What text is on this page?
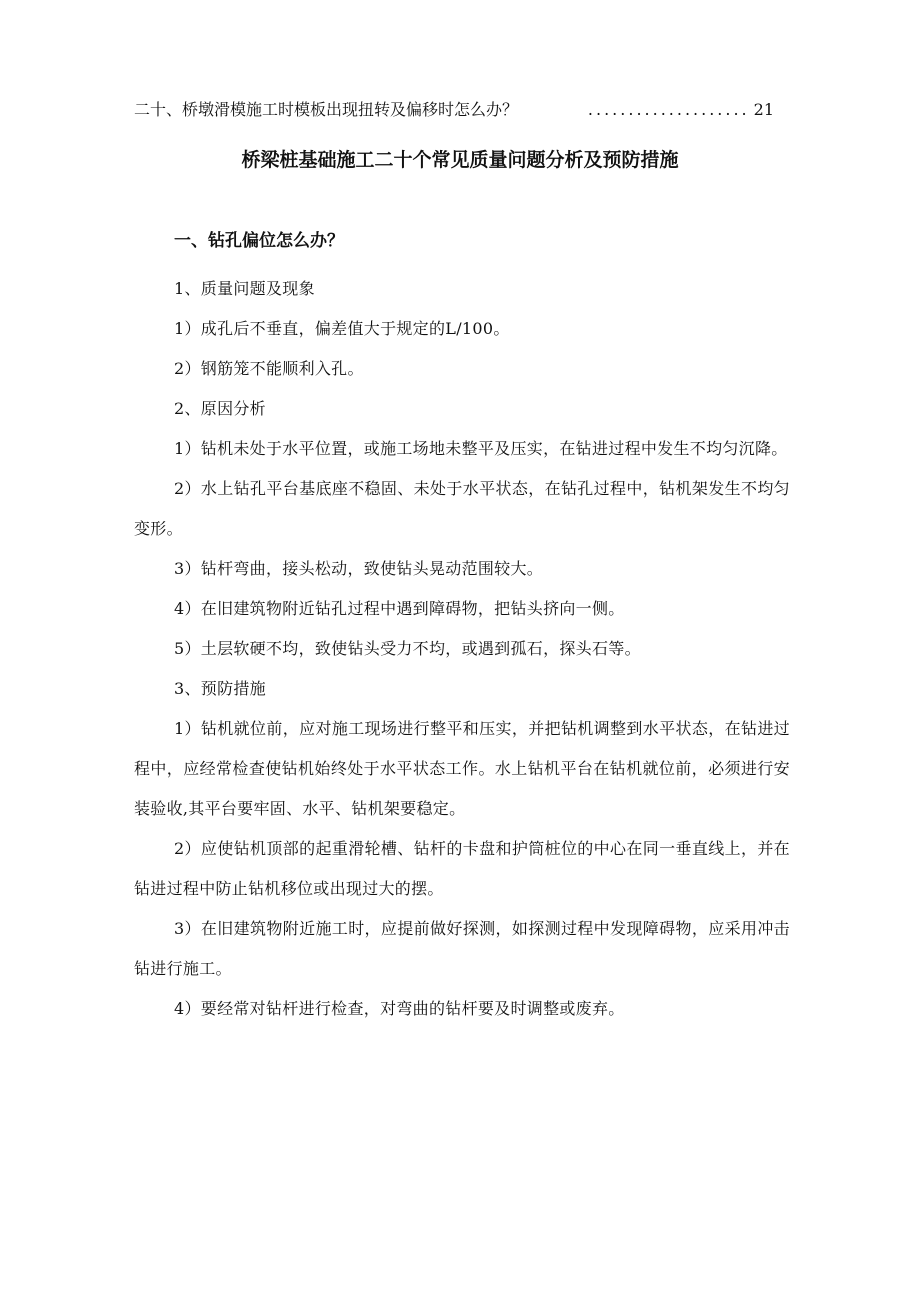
二十、桥墩滑模施工时模板出现扭转及偏移时怎么办？	.................... 21
桥梁桩基础施工二十个常见质量问题分析及预防措施
一、钻孔偏位怎么办？

1、质量问题及现象

1）成孔后不垂直，偏差值大于规定的L/100。

2）钢筋笼不能顺利入孔。

2、原因分析

1）钻机未处于水平位置，或施工场地未整平及压实，在钻进过程中发生不均匀沉降。

2）水上钻孔平台基底座不稳固、未处于水平状态，在钻孔过程中，钻机架发生不均匀变形。

3）钻杆弯曲，接头松动，致使钻头晃动范围较大。

4）在旧建筑物附近钻孔过程中遇到障碍物，把钻头挤向一侧。

5）土层软硬不均，致使钻头受力不均，或遇到孤石，探头石等。

3、预防措施

1）钻机就位前，应对施工现场进行整平和压实，并把钻机调整到水平状态，在钻进过程中，应经常检查使钻机始终处于水平状态工作。水上钻机平台在钻机就位前，必须进行安装验收,其平台要牢固、水平、钻机架要稳定。

2）应使钻机顶部的起重滑轮槽、钻杆的卡盘和护筒桩位的中心在同一垂直线上，并在钻进过程中防止钻机移位或出现过大的摆。

3）在旧建筑物附近施工时，应提前做好探测，如探测过程中发现障碍物，应采用冲击钻进行施工。

4）要经常对钻杆进行检查，对弯曲的钻杆要及时调整或废弃。
